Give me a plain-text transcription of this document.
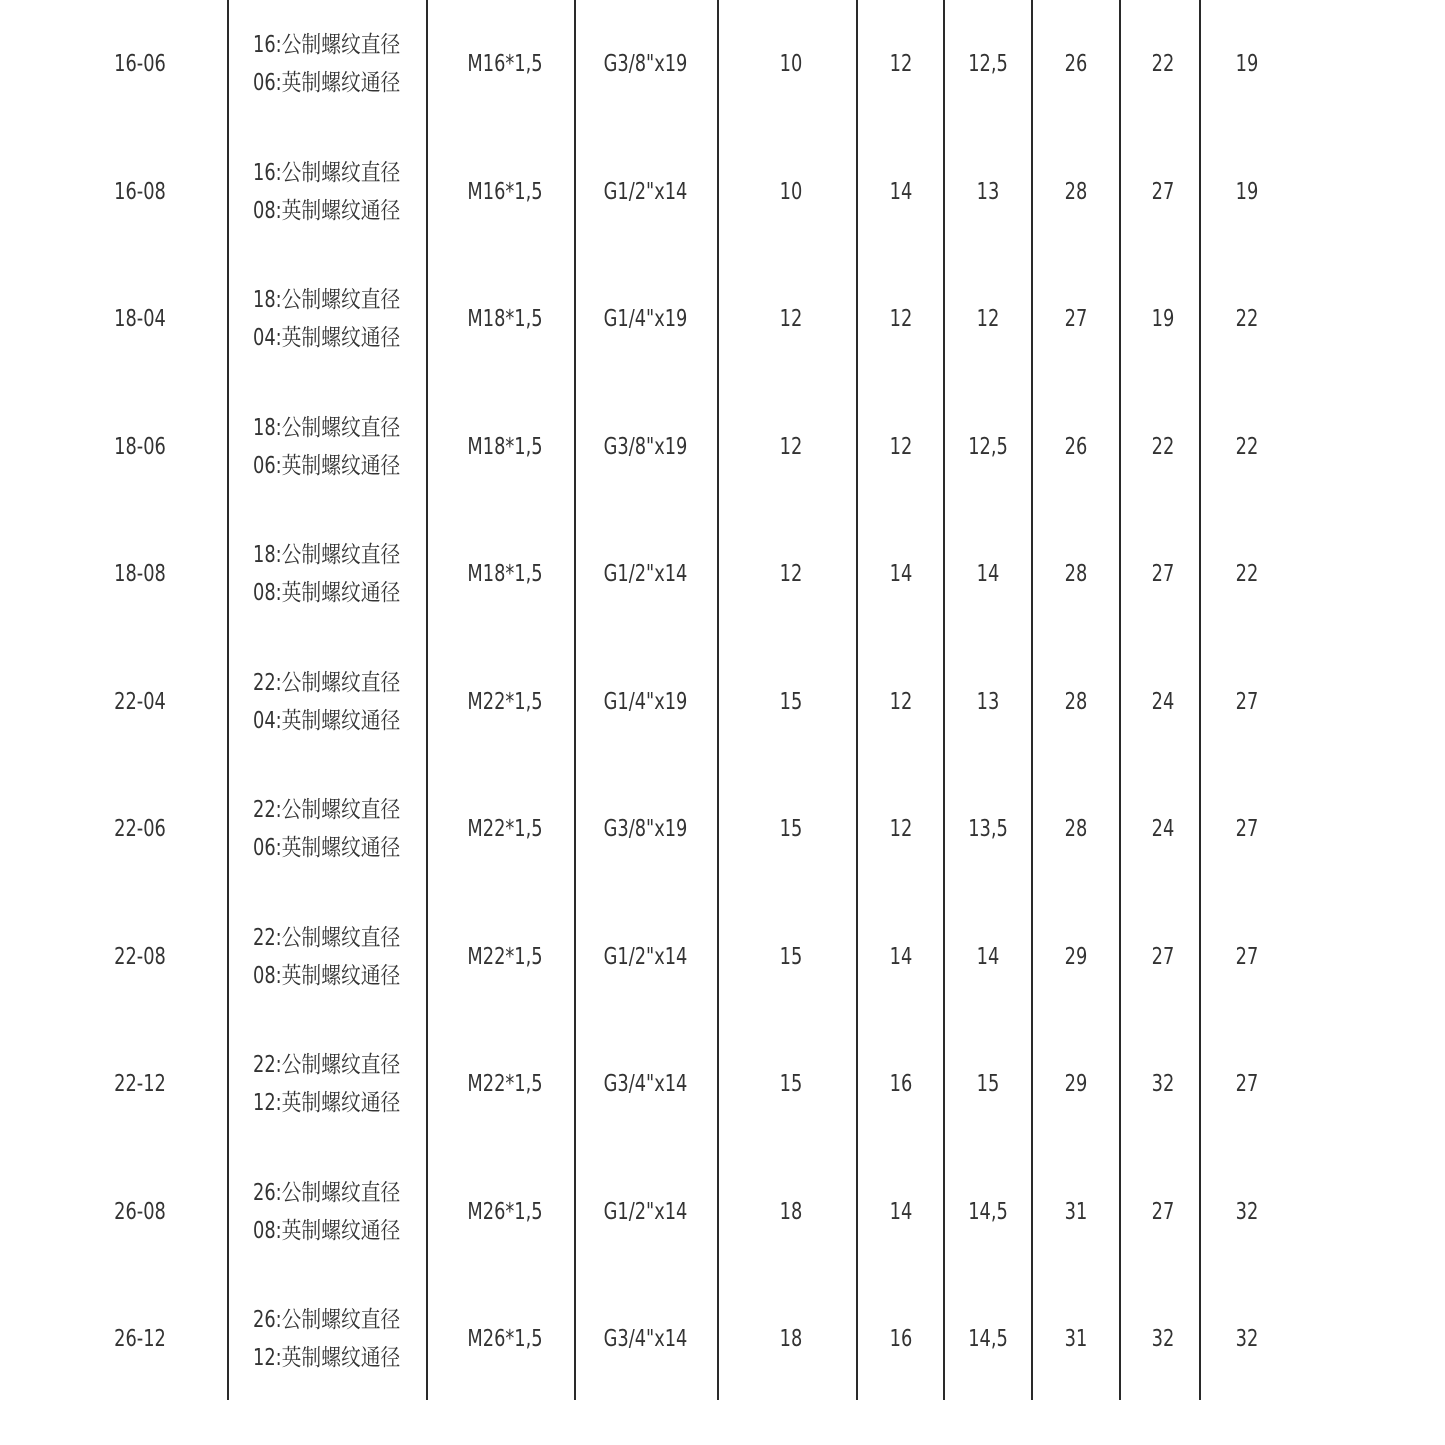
16-06
16:公制螺纹直径
06:英制螺纹通径
M16*1,5	G3/8"x19	10	12	12,5	26	22	19
16-08
16:公制螺纹直径
08:英制螺纹通径
M16*1,5	G1/2"x14	10	14	13	28	27	19
18-04
18:公制螺纹直径
04:英制螺纹通径
M18*1,5	G1/4"x19	12	12	12	27	19	22
18-06
18:公制螺纹直径
06:英制螺纹通径
M18*1,5	G3/8"x19	12	12	12,5	26	22	22
18-08
18:公制螺纹直径
08:英制螺纹通径
M18*1,5	G1/2"x14	12	14	14	28	27	22
22-04
22:公制螺纹直径
04:英制螺纹通径
M22*1,5	G1/4"x19	15	12	13	28	24	27
22-06
22:公制螺纹直径
06:英制螺纹通径
M22*1,5	G3/8"x19	15	12	13,5	28	24	27
22-08
22:公制螺纹直径
08:英制螺纹通径
M22*1,5	G1/2"x14	15	14	14	29	27	27
22-12
22:公制螺纹直径
12:英制螺纹通径
M22*1,5	G3/4"x14	15	16	15	29	32	27
26-08
26:公制螺纹直径
08:英制螺纹通径
M26*1,5	G1/2"x14	18	14	14,5	31	27	32
26-12
26:公制螺纹直径
12:英制螺纹通径
M26*1,5	G3/4"x14	18	16	14,5	31	32	32
